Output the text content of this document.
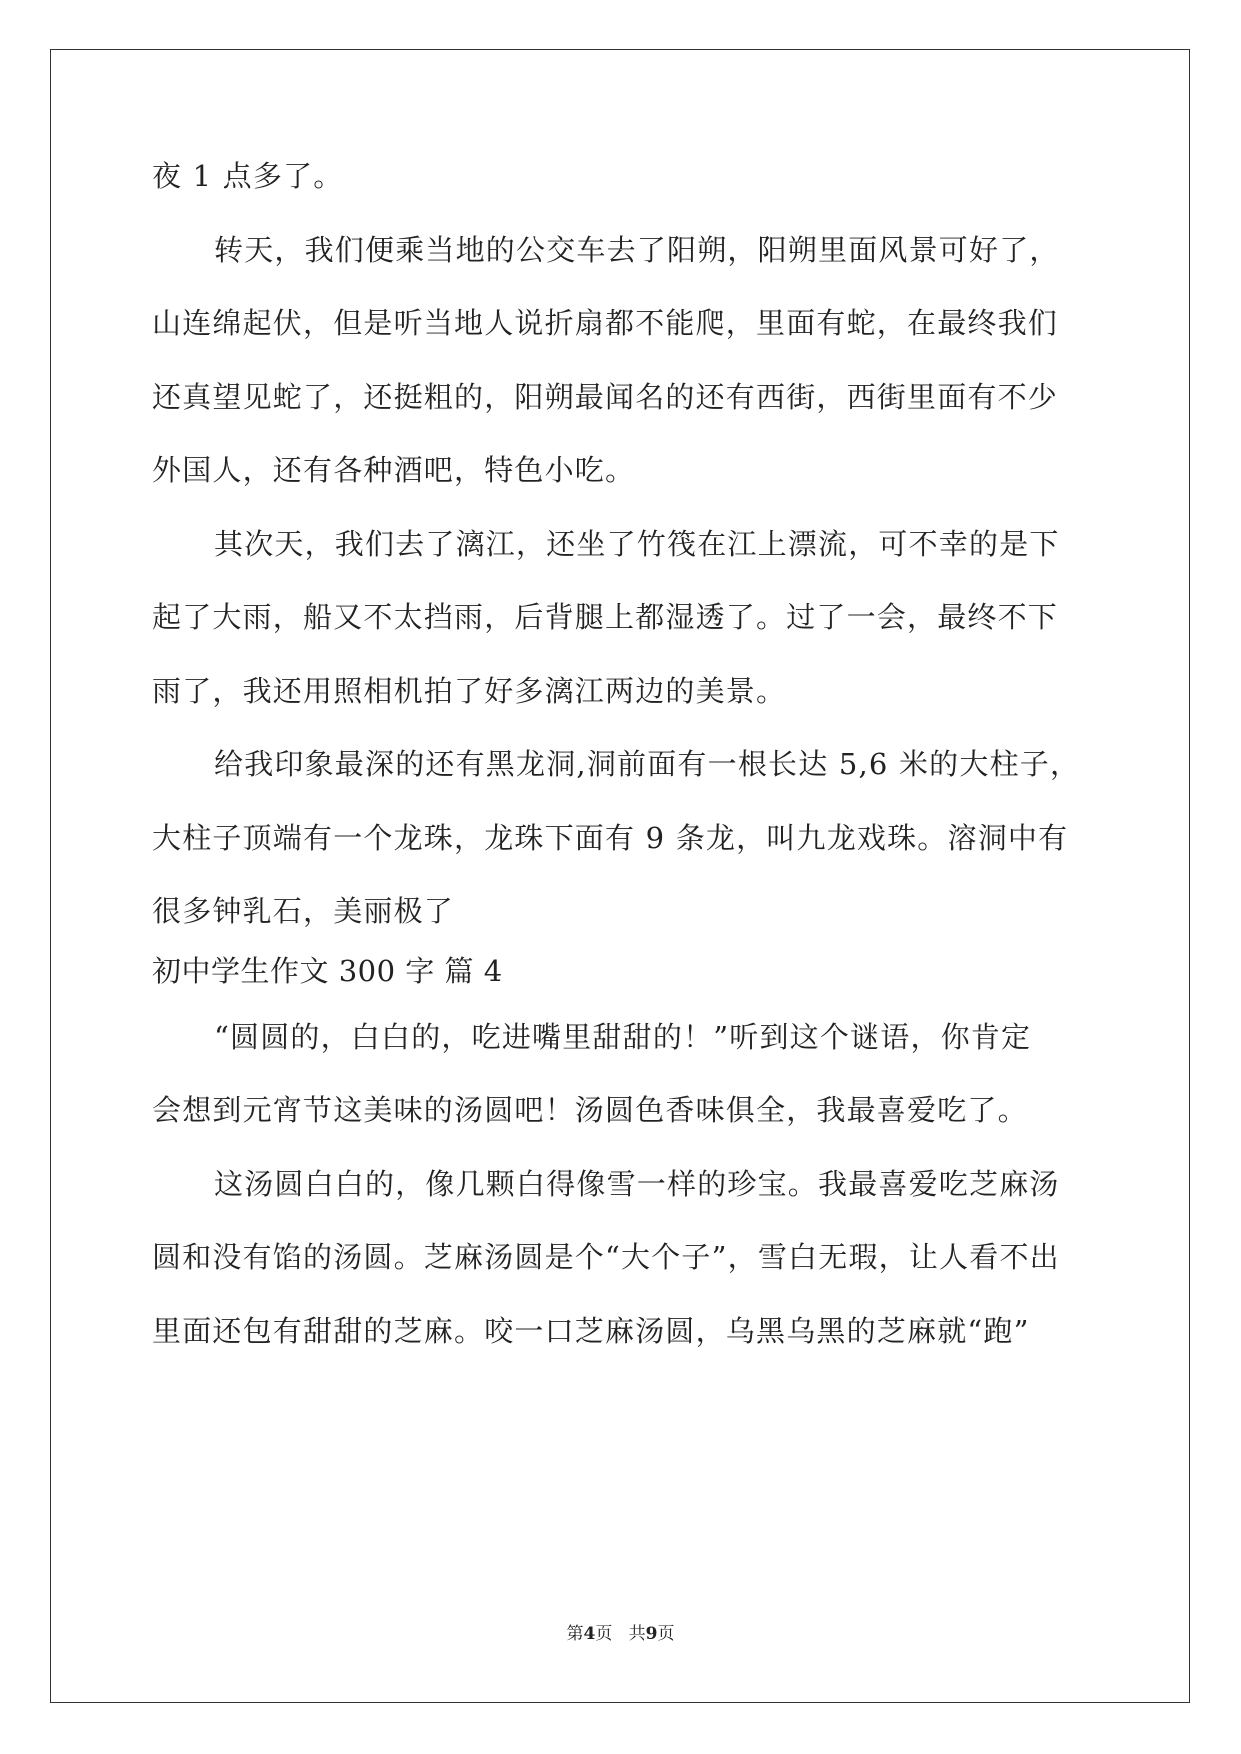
夜 1 点多了。

转天，我们便乘当地的公交车去了阳朔，阳朔里面风景可好了，

山连绵起伏，但是听当地人说折扇都不能爬，里面有蛇，在最终我们

还真望见蛇了，还挺粗的，阳朔最闻名的还有西街，西街里面有不少

外国人，还有各种酒吧，特色小吃。

其次天，我们去了漓江，还坐了竹筏在江上漂流，可不幸的是下

起了大雨，船又不太挡雨，后背腿上都湿透了。过了一会，最终不下

雨了，我还用照相机拍了好多漓江两边的美景。

给我印象最深的还有黑龙洞,洞前面有一根长达 5,6 米的大柱子，

大柱子顶端有一个龙珠，龙珠下面有 9 条龙，叫九龙戏珠。溶洞中有

很多钟乳石，美丽极了

初中学生作文 300 字 篇 4

“圆圆的，白白的，吃进嘴里甜甜的！”听到这个谜语，你肯定

会想到元宵节这美味的汤圆吧！汤圆色香味俱全，我最喜爱吃了。

这汤圆白白的，像几颗白得像雪一样的珍宝。我最喜爱吃芝麻汤

圆和没有馅的汤圆。芝麻汤圆是个“大个子”，雪白无瑕，让人看不出

里面还包有甜甜的芝麻。咬一口芝麻汤圆，乌黑乌黑的芝麻就“跑”

第4页 共9页
